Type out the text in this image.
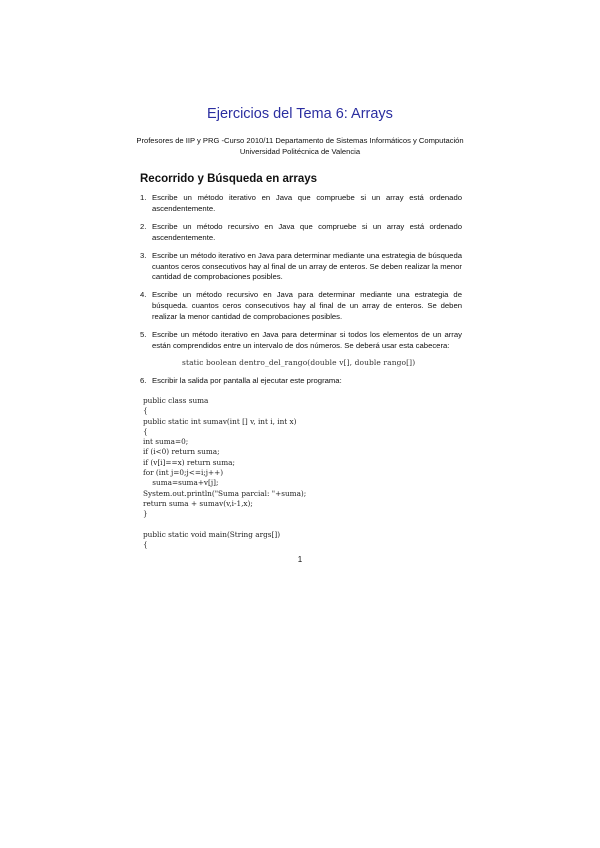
Ejercicios del Tema 6: Arrays
Profesores de IIP y PRG -Curso 2010/11 Departamento de Sistemas Informáticos y Computación
Universidad Politécnica de Valencia
Recorrido y Búsqueda en arrays
1. Escribe un método iterativo en Java que compruebe si un array está ordenado ascendentemente.
2. Escribe un método recursivo en Java que compruebe si un array está ordenado ascendentemente.
3. Escribe un método iterativo en Java para determinar mediante una estrategia de búsqueda cuantos ceros consecutivos hay al final de un array de enteros. Se deben realizar la menor cantidad de comprobaciones posibles.
4. Escribe un método recursivo en Java para determinar mediante una estrategia de búsqueda. cuantos ceros consecutivos hay al final de un array de enteros. Se deben realizar la menor cantidad de comprobaciones posibles.
5. Escribe un método iterativo en Java para determinar si todos los elementos de un array están comprendidos entre un intervalo de dos números. Se deberá usar esta cabecera:
static boolean dentro_del_rango(double v[], double rango[])
6. Escribir la salida por pantalla al ejecutar este programa:
public class suma
{
public static int sumav(int [] v, int i, int x)
{
int suma=0;
if (i<0) return suma;
if (v[i]==x) return suma;
for (int j=0;j<=i;j++)
suma=suma+v[j];
System.out.println("Suma parcial: "+suma);
return suma + sumav(v,i-1,x);
}

public static void main(String args[])
{
1
